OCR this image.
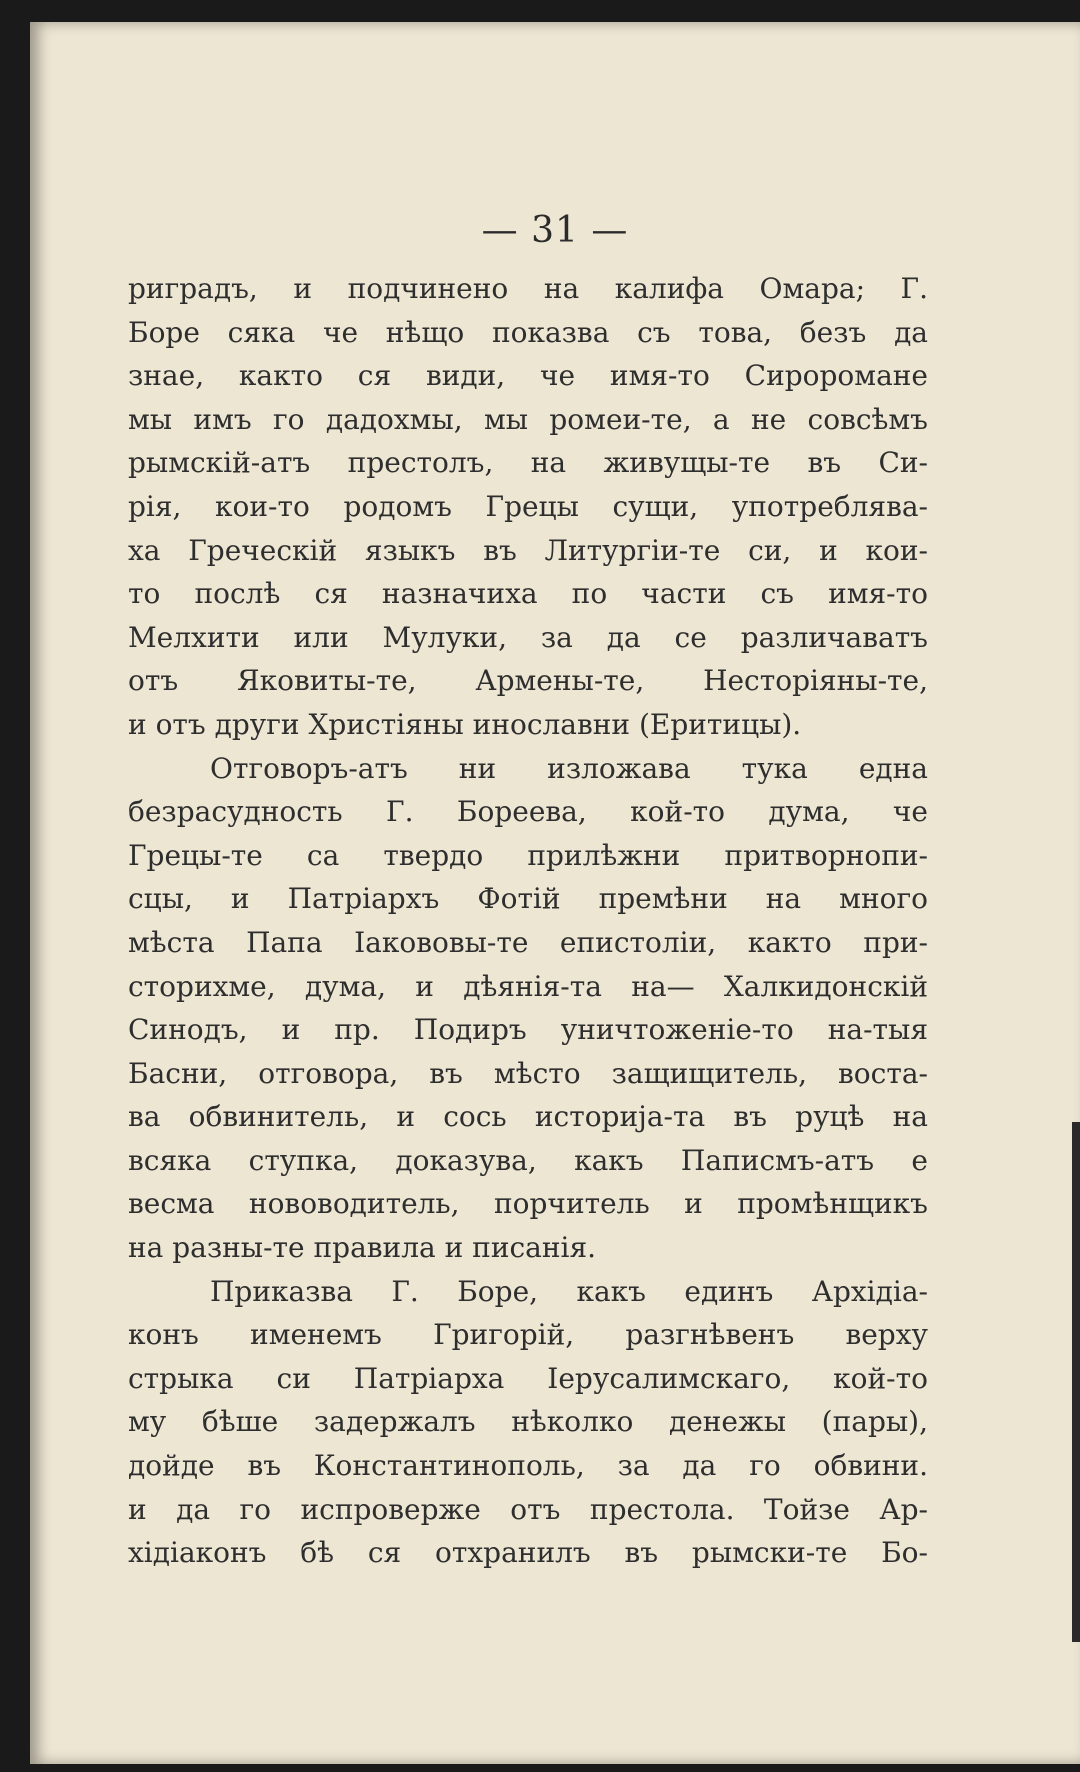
— 31 —
риградъ, и подчинено на калифа Омара; Г.
Боре сяка че нѣщо показва съ това, безъ да
знае, както ся види, че имя-то Сироромане
мы имъ го дадохмы, мы ромеи-те, а не совсѣмъ
рымскій-атъ престолъ, на живущы-те въ Си-
рія, кои-то родомъ Грецы сущи, употреблява-
ха Греческій языкъ въ Литургіи-те си, и кои-
то послѣ ся назначиха по части съ имя-то
Мелхити или Мулуки, за да се различаватъ
отъ Яковиты-те, Армены-те, Несторіяны-те,
и отъ други Христіяны инославни (Еритицы).
Отговоръ-атъ ни изложава тука една
безрасудность Г. Бореева, кой-то дума, че
Грецы-те са твердо прилѣжни притворнопи-
сцы, и Патріархъ Фотій премѣни на много
мѣста Папа Іакововы-те епистоліи, както при-
сторихме, дума, и дѣянія-та на— Халкидонскій
Синодъ, и пр. Подиръ уничтоженіе-то на-тыя
Басни, отговора, въ мѣсто защищитель, воста-
ва обвинитель, и сось историја-та въ руцѣ на
всяка ступка, доказува, какъ Паписмъ-атъ е
весма нововодитель, порчитель и промѣнщикъ
на разны-те правила и писанія.
Приказва Г. Боре, какъ единъ Архідіа-
конъ именемъ Григорій, разгнѣвенъ верху
стрыка си Патріарха Іерусалимскаго, кой-то
му бѣше задержалъ нѣколко денежы (пары),
дойде въ Константинополь, за да го обвини.
и да го испроверже отъ престола. Тойзе Ар-
хідіаконъ бѣ ся отхранилъ въ рымски-те Бо-
